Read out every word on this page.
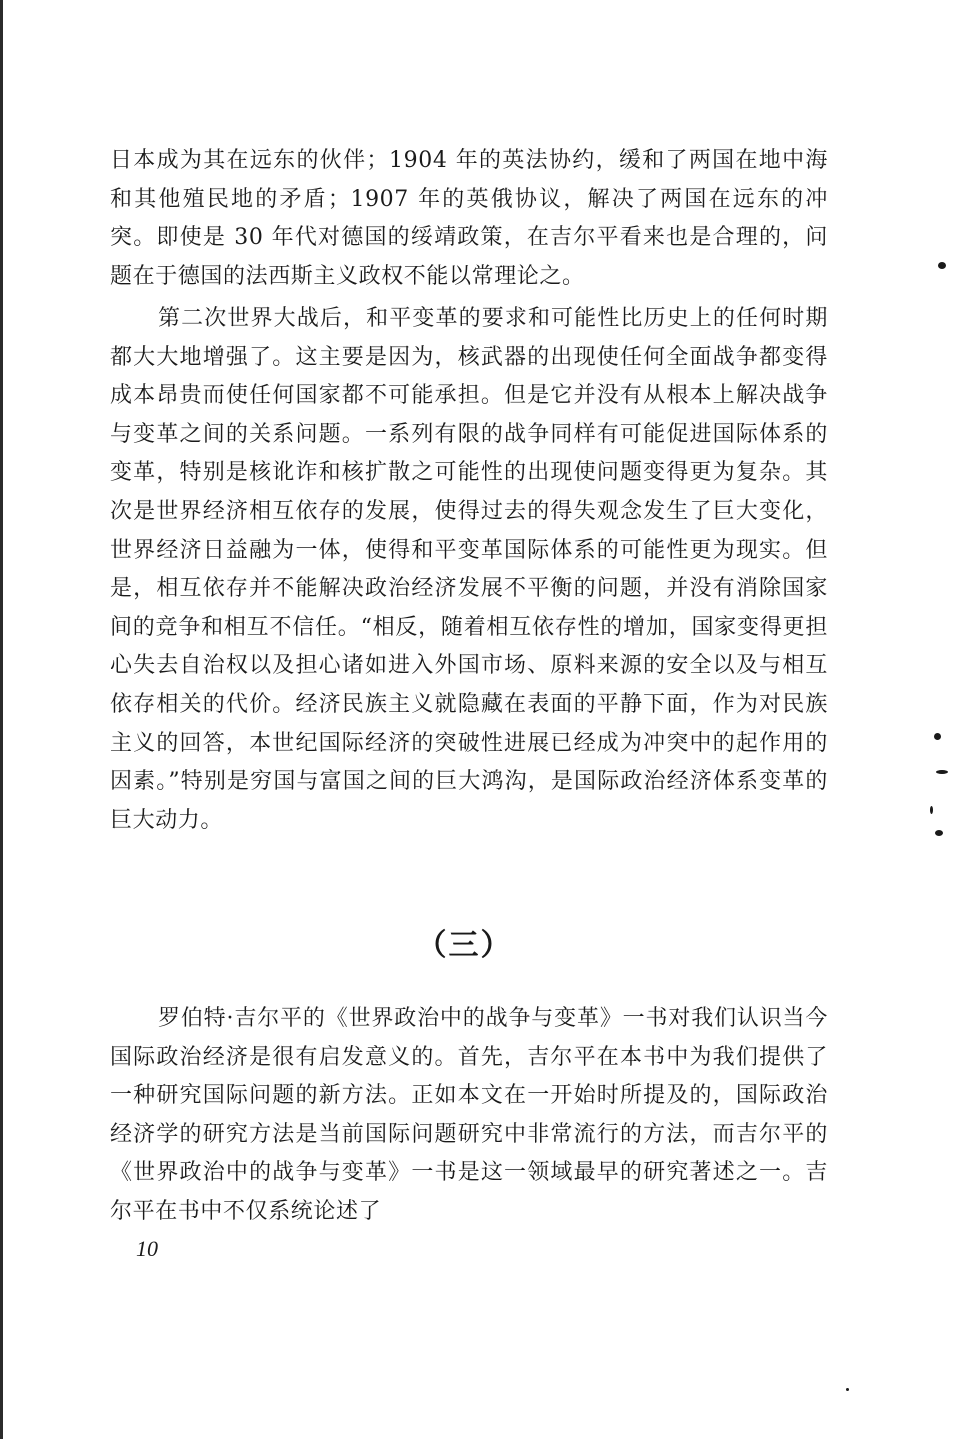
日本成为其在远东的伙伴；1904 年的英法协约，缓和了两国在地中海和其他殖民地的矛盾；1907 年的英俄协议，解决了两国在远东的冲突。即使是 30 年代对德国的绥靖政策，在吉尔平看来也是合理的，问题在于德国的法西斯主义政权不能以常理论之。

第二次世界大战后，和平变革的要求和可能性比历史上的任何时期都大大地增强了。这主要是因为，核武器的出现使任何全面战争都变得成本昂贵而使任何国家都不可能承担。但是它并没有从根本上解决战争与变革之间的关系问题。一系列有限的战争同样有可能促进国际体系的变革，特别是核讹诈和核扩散之可能性的出现使问题变得更为复杂。其次是世界经济相互依存的发展，使得过去的得失观念发生了巨大变化，世界经济日益融为一体，使得和平变革国际体系的可能性更为现实。但是，相互依存并不能解决政治经济发展不平衡的问题，并没有消除国家间的竞争和相互不信任。“相反，随着相互依存性的增加，国家变得更担心失去自治权以及担心诸如进入外国市场、原料来源的安全以及与相互依存相关的代价。经济民族主义就隐藏在表面的平静下面，作为对民族主义的回答，本世纪国际经济的突破性进展已经成为冲突中的起作用的因素。”特别是穷国与富国之间的巨大鸿沟，是国际政治经济体系变革的巨大动力。

（三）

罗伯特·吉尔平的《世界政治中的战争与变革》一书对我们认识当今国际政治经济是很有启发意义的。首先，吉尔平在本书中为我们提供了一种研究国际问题的新方法。正如本文在一开始时所提及的，国际政治经济学的研究方法是当前国际问题研究中非常流行的方法，而吉尔平的《世界政治中的战争与变革》一书是这一领域最早的研究著述之一。吉尔平在书中不仅系统论述了

10
